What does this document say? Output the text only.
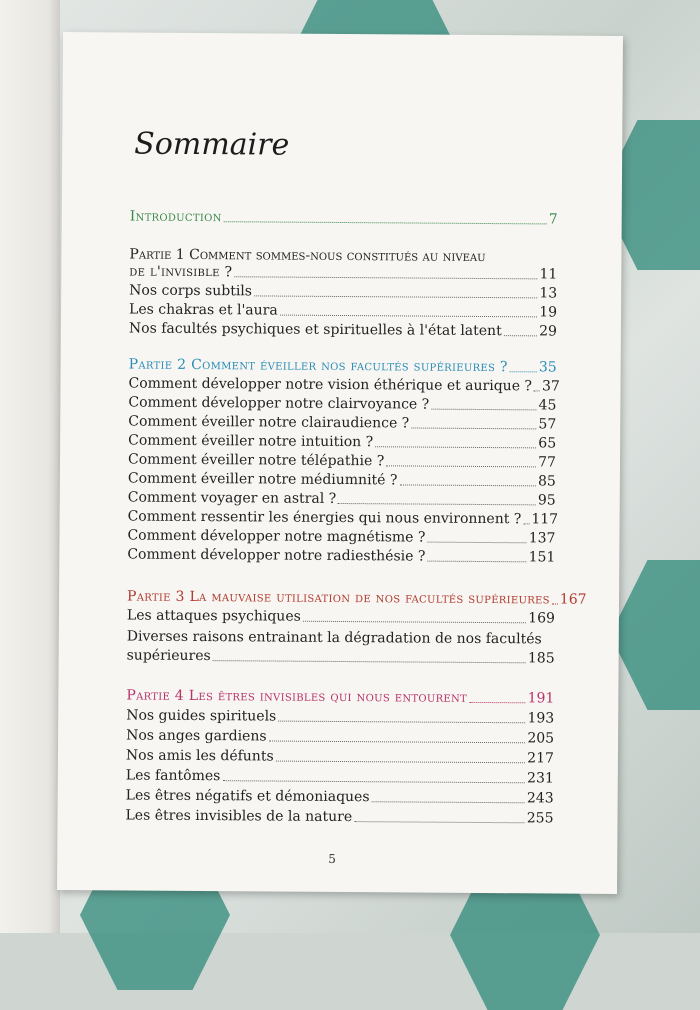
Sommaire
Introduction	7
Partie 1 Comment sommes-nous constitués au niveau
de l'invisible ?	11
Nos corps subtils	13
Les chakras et l'aura	19
Nos facultés psychiques et spirituelles à l'état latent	29
Partie 2 Comment éveiller nos facultés supérieures ? 35
Comment développer notre vision éthérique et aurique ? 37
Comment développer notre clairvoyance ?	45
Comment éveiller notre clairaudience ?	57
Comment éveiller notre intuition ?	65
Comment éveiller notre télépathie ?	77
Comment éveiller notre médiumnité ?	85
Comment voyager en astral ?	95
Comment ressentir les énergies qui nous environnent ? 117
Comment développer notre magnétisme ?	137
Comment développer notre radiesthésie ?	151
Partie 3 La mauvaise utilisation de nos facultés supérieures 167
Les attaques psychiques	169
Diverses raisons entrainant la dégradation de nos facultés
supérieures	185
Partie 4 Les êtres invisibles qui nous entourent	191
Nos guides spirituels	193
Nos anges gardiens	205
Nos amis les défunts	217
Les fantômes	231
Les êtres négatifs et démoniaques	243
Les êtres invisibles de la nature	255
5
